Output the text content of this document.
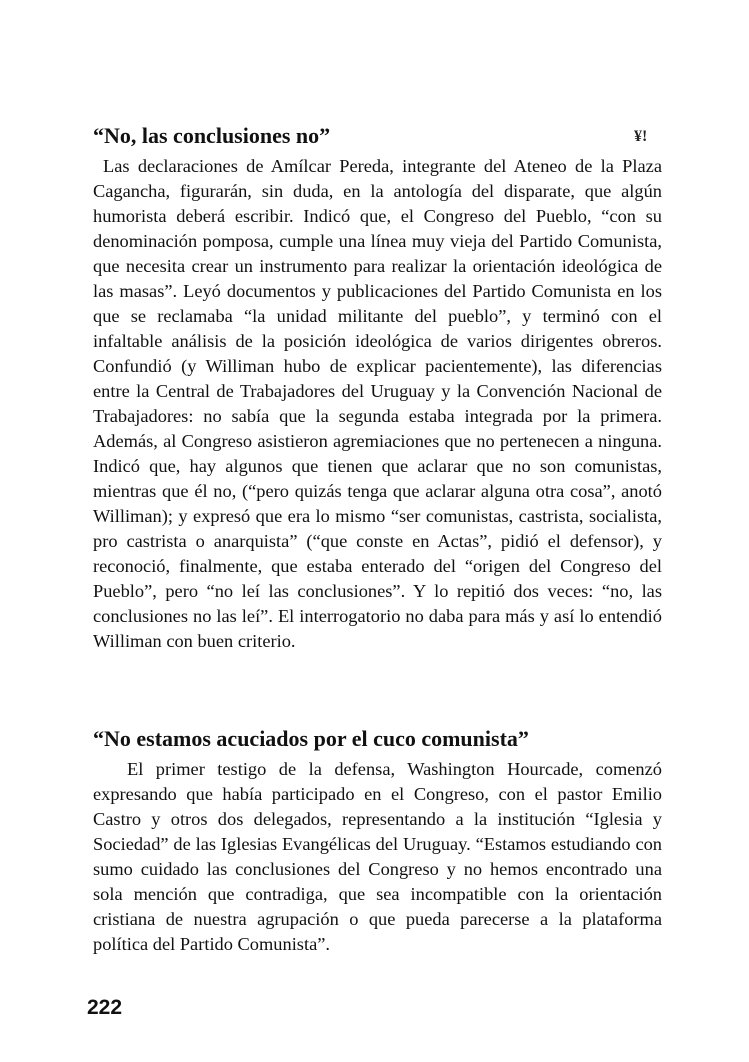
“No, las conclusiones no”

Las declaraciones de Amílcar Pereda, integrante del Ateneo de la Plaza Cagancha, figurarán, sin duda, en la antología del disparate, que algún humorista deberá escribir. Indicó que, el Congreso del Pueblo, “con su denominación pomposa, cumple una línea muy vieja del Partido Comunista, que necesita crear un instrumento para realizar la orientación ideológica de las masas”. Leyó documentos y publicaciones del Partido Comunista en los que se reclamaba “la unidad militante del pueblo”, y terminó con el infaltable análisis de la posición ideológica de varios dirigentes obreros. Confundió (y Williman hubo de explicar pacientemente), las diferencias entre la Central de Trabajadores del Uruguay y la Convención Nacional de Trabajadores: no sabía que la segunda estaba integrada por la primera. Además, al Congreso asistieron agremiaciones que no pertenecen a ninguna. Indicó que, hay algunos que tienen que aclarar que no son comunistas, mientras que él no, (“pero quizás tenga que aclarar alguna otra cosa”, anotó Williman); y expresó que era lo mismo “ser comunistas, castrista, socialista, pro castrista o anarquista” (“que conste en Actas”, pidió el defensor), y reconoció, finalmente, que estaba enterado del “origen del Congreso del Pueblo”, pero “no leí las conclusiones”. Y lo repitió dos veces: “no, las conclusiones no las leí”. El interrogatorio no daba para más y así lo entendió Williman con buen criterio.

¥!
“No estamos acuciados por el cuco comunista”

El primer testigo de la defensa, Washington Hourcade, comenzó expresando que había participado en el Congreso, con el pastor Emilio Castro y otros dos delegados, representando a la institución “Iglesia y Sociedad” de las Iglesias Evangélicas del Uruguay. “Estamos estudiando con sumo cuidado las conclusiones del Congreso y no hemos encontrado una sola mención que contradiga, que sea incompatible con la orientación cristiana de nuestra agrupación o que pueda parecerse a la plataforma política del Partido Comunista”.

222
